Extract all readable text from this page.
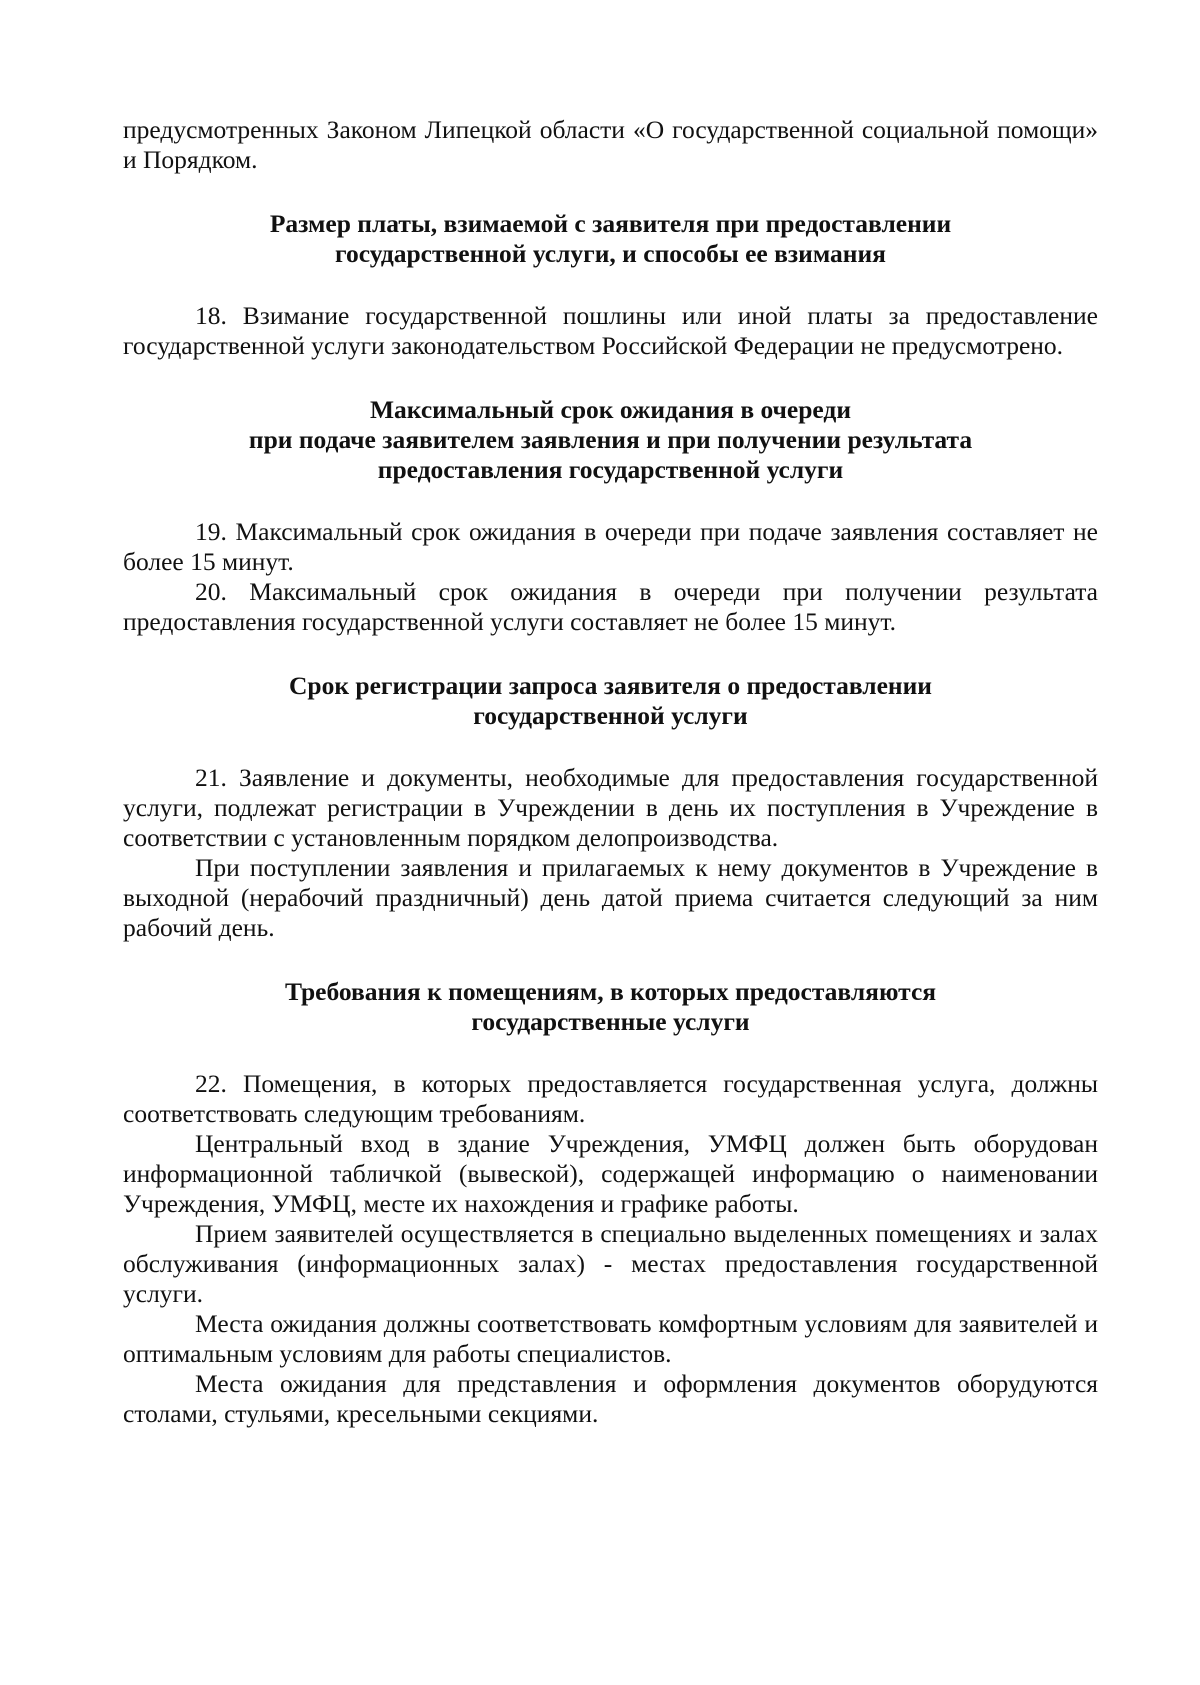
предусмотренных Законом Липецкой области «О государственной социальной помощи» и Порядком.

Размер платы, взимаемой с заявителя при предоставлении
государственной услуги, и способы ее взимания

18. Взимание государственной пошлины или иной платы за предоставление государственной услуги законодательством Российской Федерации не предусмотрено.

Максимальный срок ожидания в очереди
при подаче заявителем заявления и при получении результата
предоставления государственной услуги

19. Максимальный срок ожидания в очереди при подаче заявления составляет не более 15 минут.

20. Максимальный срок ожидания в очереди при получении результата предоставления государственной услуги составляет не более 15 минут.

Срок регистрации запроса заявителя о предоставлении
государственной услуги

21. Заявление и документы, необходимые для предоставления государственной услуги, подлежат регистрации в Учреждении в день их поступления в Учреждение в соответствии с установленным порядком делопроизводства.

При поступлении заявления и прилагаемых к нему документов в Учреждение в выходной (нерабочий праздничный) день датой приема считается следующий за ним рабочий день.

Требования к помещениям, в которых предоставляются
государственные услуги

22. Помещения, в которых предоставляется государственная услуга, должны соответствовать следующим требованиям.

Центральный вход в здание Учреждения, УМФЦ должен быть оборудован информационной табличкой (вывеской), содержащей информацию о наименовании Учреждения, УМФЦ, месте их нахождения и графике работы.

Прием заявителей осуществляется в специально выделенных помещениях и залах обслуживания (информационных залах) - местах предоставления государственной услуги.

Места ожидания должны соответствовать комфортным условиям для заявителей и оптимальным условиям для работы специалистов.

Места ожидания для представления и оформления документов оборудуются столами, стульями, кресельными секциями.
